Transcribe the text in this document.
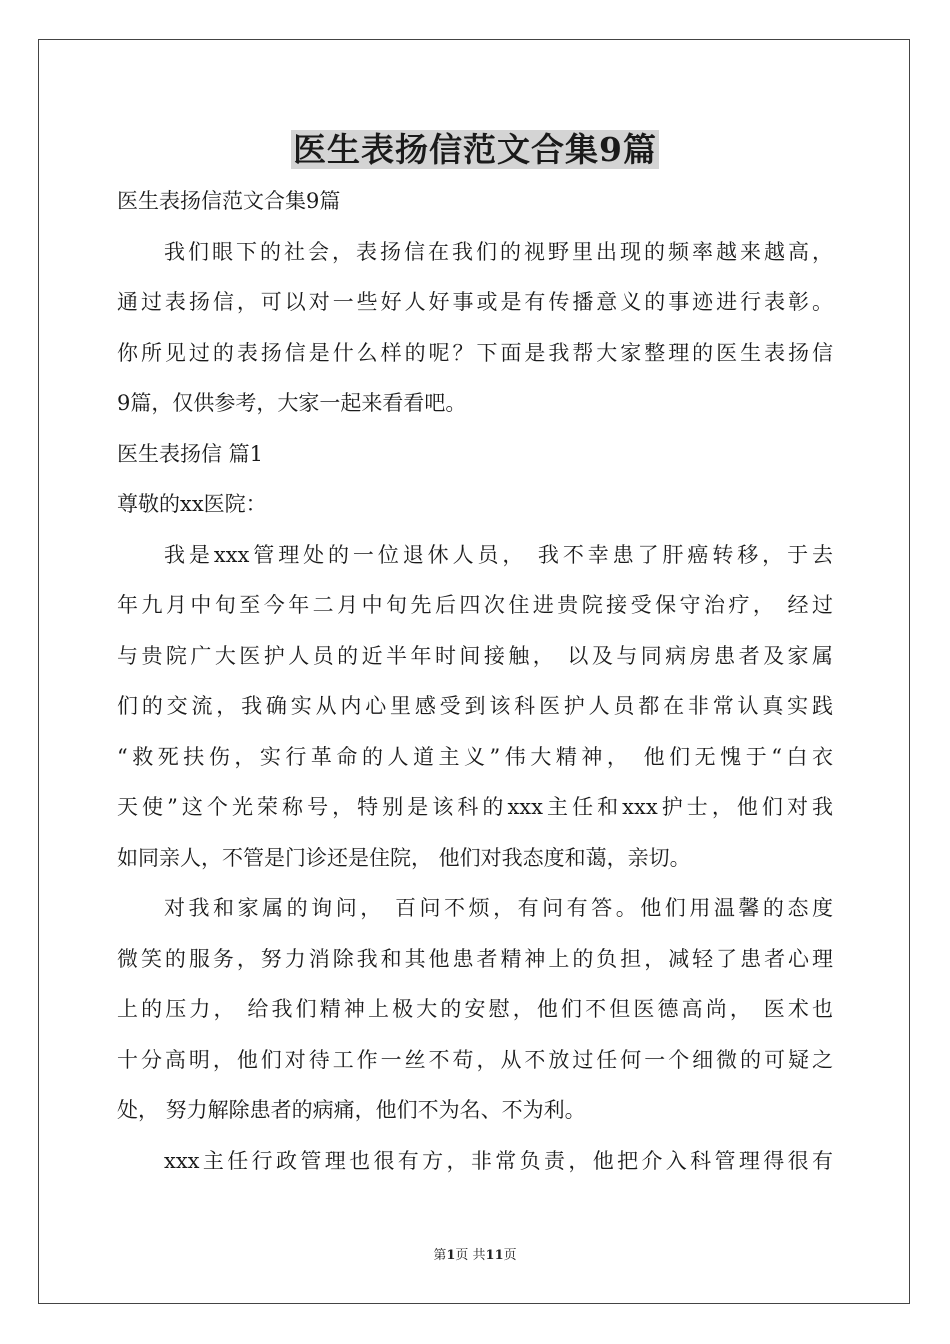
医生表扬信范文合集9篇
医生表扬信范文合集9篇
我们眼下的社会，表扬信在我们的视野里出现的频率越来越高，
通过表扬信，可以对一些好人好事或是有传播意义的事迹进行表彰。
你所见过的表扬信是什么样的呢？下面是我帮大家整理的医生表扬信
9篇，仅供参考，大家一起来看看吧。
医生表扬信 篇1
尊敬的xx医院：
我是xxx管理处的一位退休人员， 我不幸患了肝癌转移，于去
年九月中旬至今年二月中旬先后四次住进贵院接受保守治疗， 经过
与贵院广大医护人员的近半年时间接触， 以及与同病房患者及家属
们的交流，我确实从内心里感受到该科医护人员都在非常认真实践
“救死扶伤，实行革命的人道主义”伟大精神， 他们无愧于“白衣
天使”这个光荣称号，特别是该科的xxx主任和xxx护士，他们对我
如同亲人，不管是门诊还是住院， 他们对我态度和蔼，亲切。
对我和家属的询问， 百问不烦，有问有答。他们用温馨的态度
微笑的服务，努力消除我和其他患者精神上的负担，减轻了患者心理
上的压力， 给我们精神上极大的安慰，他们不但医德高尚， 医术也
十分高明，他们对待工作一丝不苟，从不放过任何一个细微的可疑之
处， 努力解除患者的病痛，他们不为名、不为利。
xxx主任行政管理也很有方，非常负责，他把介入科管理得很有
第1页 共11页
